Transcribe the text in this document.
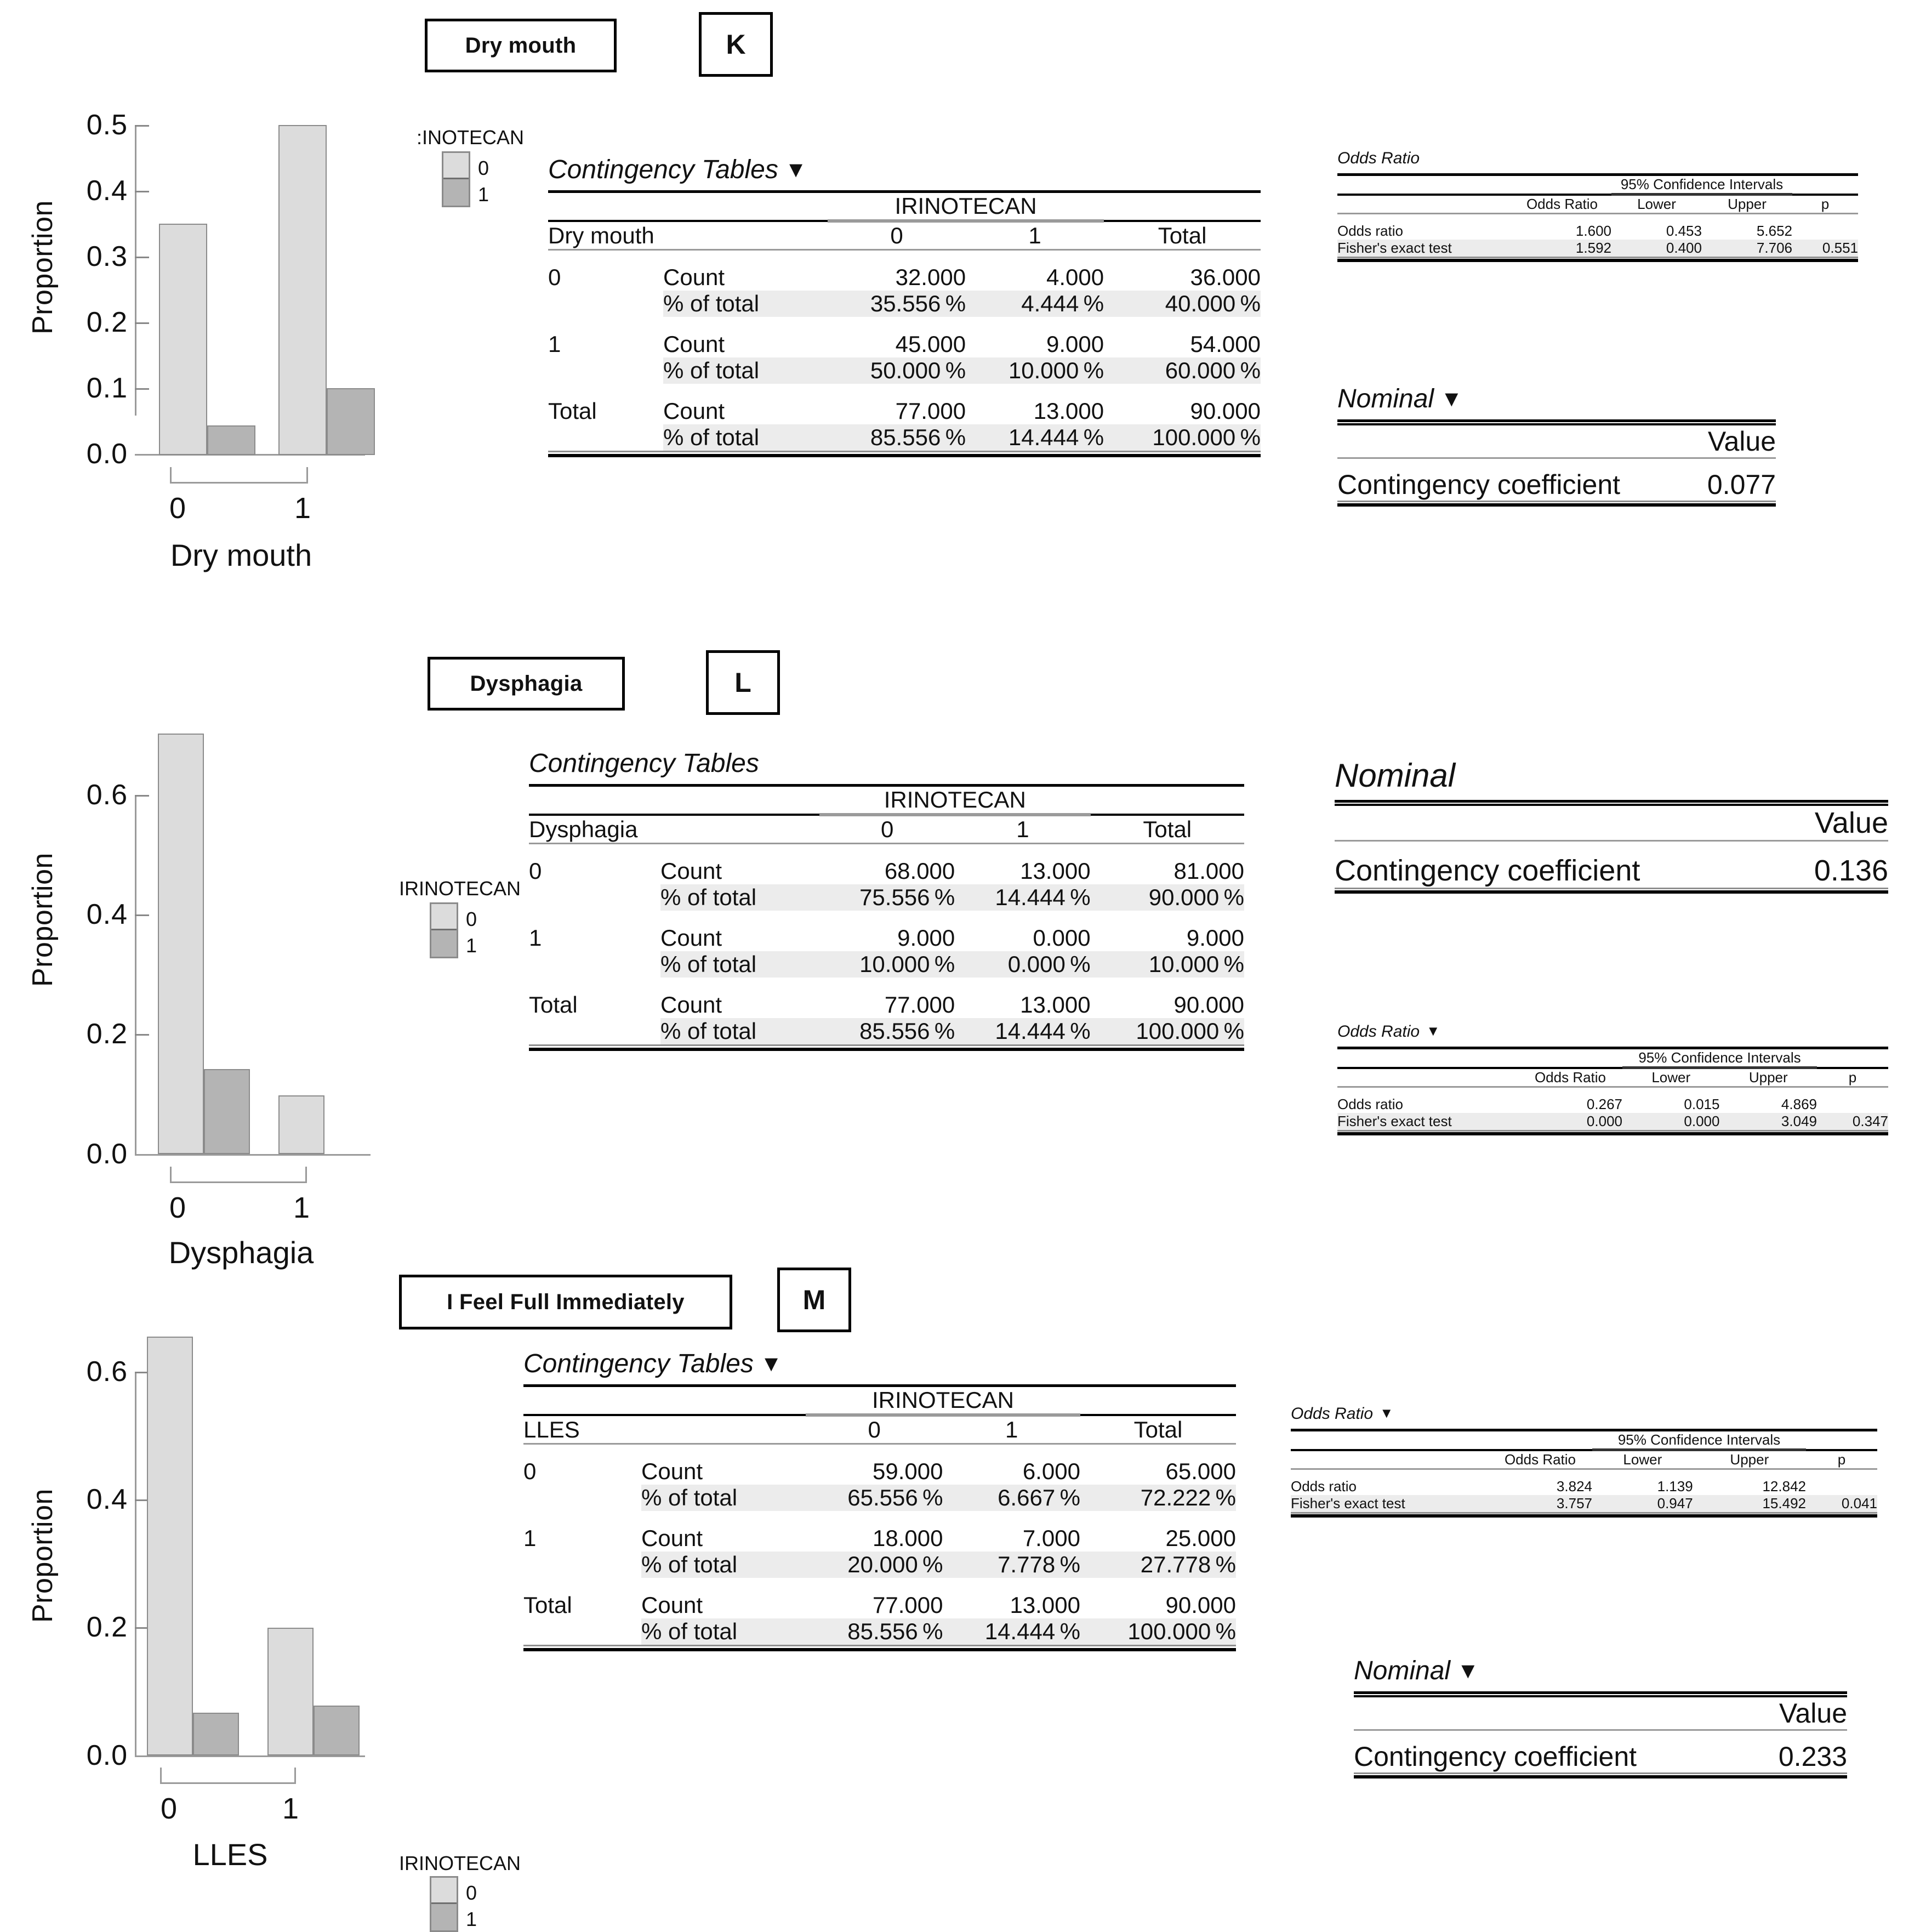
Dry mouth	K
Proportion
0.5
0.4
0.3
0.2
0.1
0.0
0	1
Dry mouth
:INOTECAN
0
1
Contingency Tables ▼
		IRINOTECAN		
Dry mouth		0	1	Total

0	Count	32.000	4.000	36.000
	% of total	35.556 %	4.444 %	40.000 %

1	Count	45.000	9.000	54.000
	% of total	50.000 %	10.000 %	60.000 %

Total	Count	77.000	13.000	90.000
	% of total	85.556 %	14.444 %	100.000 %

Odds Ratio
		95% Confidence Intervals		
	Odds Ratio	Lower	Upper	p

Odds ratio	1.600	0.453	5.652	
Fisher's exact test	1.592	0.400	7.706	0.551

Nominal ▼

	Value

Contingency coefficient	0.077

Dysphagia	L
Proportion
0.6
0.4
0.2
0.0
0	1
Dysphagia
IRINOTECAN
0
1
Contingency Tables
		IRINOTECAN		
Dysphagia		0	1	Total

0	Count	68.000	13.000	81.000
	% of total	75.556 %	14.444 %	90.000 %

1	Count	9.000	0.000	9.000
	% of total	10.000 %	0.000 %	10.000 %

Total	Count	77.000	13.000	90.000
	% of total	85.556 %	14.444 %	100.000 %

Nominal

	Value

Contingency coefficient	0.136

Odds Ratio ▼
		95% Confidence Intervals		
	Odds Ratio	Lower	Upper	p

Odds ratio	0.267	0.015	4.869	
Fisher's exact test	0.000	0.000	3.049	0.347

I Feel Full Immediately	M
Proportion
0.6
0.4
0.2
0.0
0	1
LLES	IRINOTECAN
0
1
Contingency Tables ▼
		IRINOTECAN		
LLES		0	1	Total

0	Count	59.000	6.000	65.000
	% of total	65.556 %	6.667 %	72.222 %

1	Count	18.000	7.000	25.000
	% of total	20.000 %	7.778 %	27.778 %

Total	Count	77.000	13.000	90.000
	% of total	85.556 %	14.444 %	100.000 %

Odds Ratio ▼
		95% Confidence Intervals		
	Odds Ratio	Lower	Upper	p

Odds ratio	3.824	1.139	12.842	
Fisher's exact test	3.757	0.947	15.492	0.041

Nominal ▼

	Value

Contingency coefficient	0.233
